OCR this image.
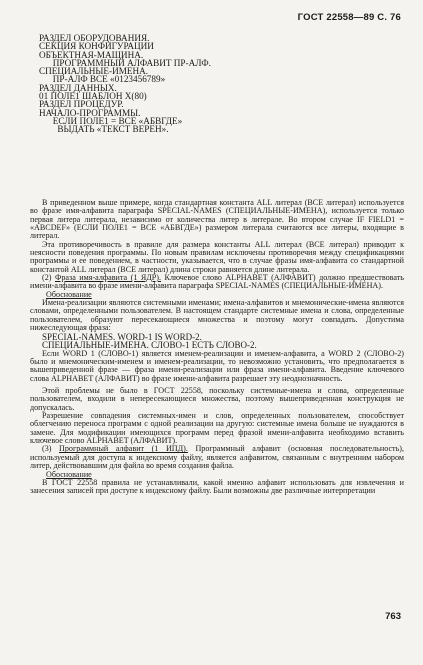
ГОСТ 22558—89 С. 76
РАЗДЕЛ ОБОРУДОВАНИЯ.
СЕКЦИЯ КОНФИГУРАЦИИ
ОБЪЕКТНАЯ-МАШИНА.
ПРОГРАММНЫЙ АЛФАВИТ ПР-АЛФ.
СПЕЦИАЛЬНЫЕ-ИМЕНА.
ПР-АЛФ ВСЕ «0123456789»
РАЗДЕЛ ДАННЫХ.
01 ПОЛЕ1 ШАБЛОН Х(80)
РАЗДЕЛ ПРОЦЕДУР.
НАЧАЛО-ПРОГРАММЫ.
ЕСЛИ ПОЛЕ1 = ВСЕ «АБВГДЕ»
ВЫДАТЬ «ТЕКСТ ВЕРЕН».

В приведенном выше примере, когда стандартная константа ALL литерал (ВСЕ литерал) используется во фразе имя-алфавита параграфа SPECIAL-NAMES (СПЕЦИАЛЬНЫЕ-ИМЕНА), используется только первая литера литерала, независимо от количества литер в литерале. Во втором случае IF FIELD1 = «ABCDEF» (ЕСЛИ ПОЛЕ1 = ВСЕ «АБВГДЕ») размером литерала считаются все литеры, входящие в литерал.

Эта противоречивость в правиле для размера константы ALL литерал (ВСЕ литерал) приводит к неясности поведения программы. По новым правилам исключены противоречия между спецификациями программы и ее поведением, в частности, указывается, что в случае фразы имя-алфавита со стандартной константой ALL литерал (ВСЕ литерал) длина строки равняется длине литерала.

(2) Фразa имя-алфавита (1 ЯДР). Ключевое слово ALPHABET (АЛФАВИТ) должно предшествовать имени-алфавита во фразе имени-алфавита параграфа SPECIAL-NAMES (СПЕЦИАЛЬНЫЕ-ИМЕНА).

Обоснование

Имена-реализации являются системными именами; имена-алфавитов и мнемонические-имена являются словами, определенными пользователем. В настоящем стандарте системные имена и слова, определенные пользователем, образуют пересекающиеся множества и поэтому могут совпадать. Допустима нижеследующая фраза:

SPECIAL-NAMES. WORD-1 IS WORD-2.

СПЕЦИАЛЬНЫЕ-ИМЕНА. СЛОВО-1 ЕСТЬ СЛОВО-2.

Если WORD 1 (СЛОВО-1) является именем-реализации и именем-алфавита, а WORD 2 (СЛОВО-2) было и мнемоническим-именем и именем-реализации, то невозможно установить, что предполагается в вышеприведенной фразе — фраза имени-реализации или фраза имени-алфавита. Введение ключевого слова ALPHABET (АЛФАВИТ) во фразе имени-алфавита разрешает эту неоднозначность.

Этой проблемы не было в ГОСТ 22558, поскольку системные-имена и слова, определенные пользователем, входили в непересекающиеся множества, поэтому вышеприведенная конструкция не допускалась.

Разрешение совпадения системных-имен и слов, определенных пользователем, способствует облегчению переноса программ с одной реализации на другую: системные имена больше не нуждаются в замене. Для модификации имеющихся программ перед фразой имени-алфавита необходимо вставить ключевое слово ALPHABET (АЛФАВИТ).

(3) Программный алфавит (1 ИПД). Программный алфавит (основная последовательность), используемый для доступа к индексному файлу, является алфавитом, связанным с внутренним набором литер, действовавшим для файла во время создания файла.

Обоснование

В ГОСТ 22558 правила не устанавливали, какой именно алфавит использовать для извлечения и занесения записей при доступе к индексному файлу. Были возможны две различные интерпретации

763
